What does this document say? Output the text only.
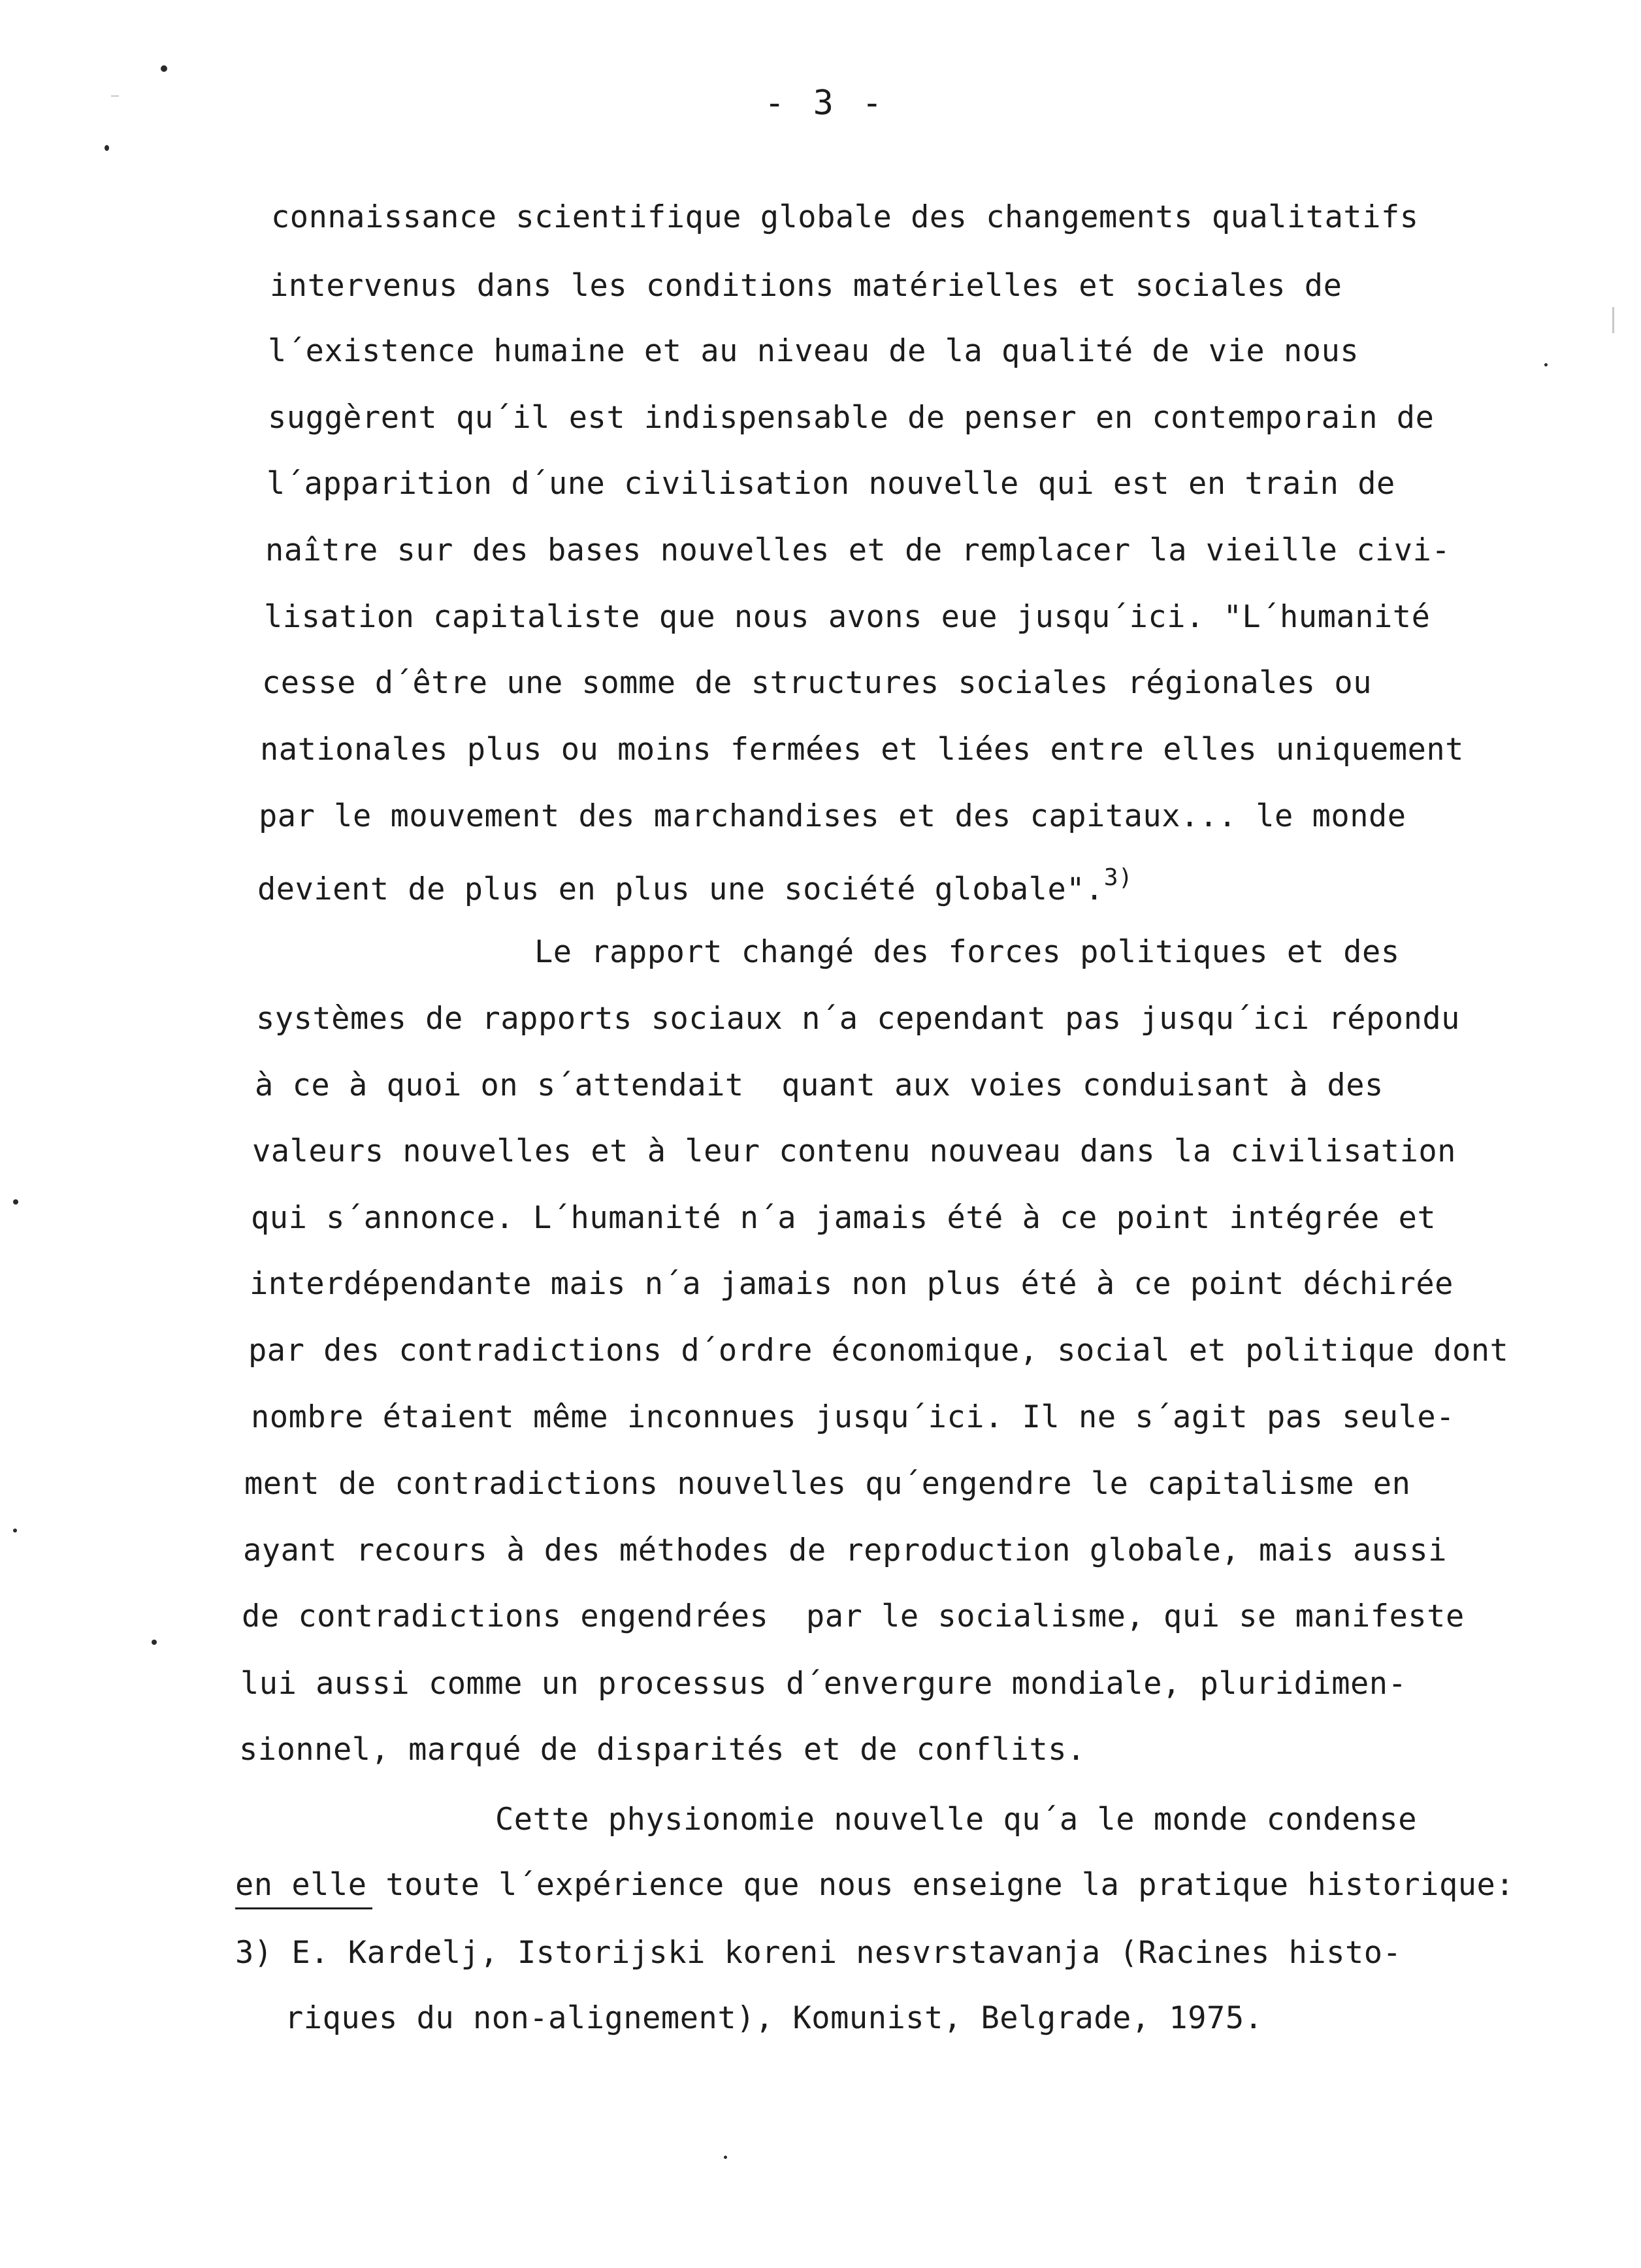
- 3 -
connaissance scientifique globale des changements qualitatifs
intervenus dans les conditions matérielles et sociales de
l´existence humaine et au niveau de la qualité de vie nous
suggèrent qu´il est indispensable de penser en contemporain de
l´apparition d´une civilisation nouvelle qui est en train de
naître sur des bases nouvelles et de remplacer la vieille civi-
lisation capitaliste que nous avons eue jusqu´ici. "L´humanité
cesse d´être une somme de structures sociales régionales ou
nationales plus ou moins fermées et liées entre elles uniquement
par le mouvement des marchandises et des capitaux... le monde
devient de plus en plus une société globale".$^{3)}$
Le rapport changé des forces politiques et des
systèmes de rapports sociaux n´a cependant pas jusqu´ici répondu
à ce à quoi on s´attendait  quant aux voies conduisant à des
valeurs nouvelles et à leur contenu nouveau dans la civilisation
qui s´annonce. L´humanité n´a jamais été à ce point intégrée et
interdépendante mais n´a jamais non plus été à ce point déchirée
par des contradictions d´ordre économique, social et politique dont
nombre étaient même inconnues jusqu´ici. Il ne s´agit pas seule-
ment de contradictions nouvelles qu´engendre le capitalisme en
ayant recours à des méthodes de reproduction globale, mais aussi
de contradictions engendrées  par le socialisme, qui se manifeste
lui aussi comme un processus d´envergure mondiale, pluridimen-
sionnel, marqué de disparités et de conflits.
Cette physionomie nouvelle qu´a le monde condense
en elle toute l´expérience que nous enseigne la pratique historique:
3) E. Kardelj, Istorijski koreni nesvrstavanja (Racines histo-
riques du non-alignement), Komunist, Belgrade, 1975.
